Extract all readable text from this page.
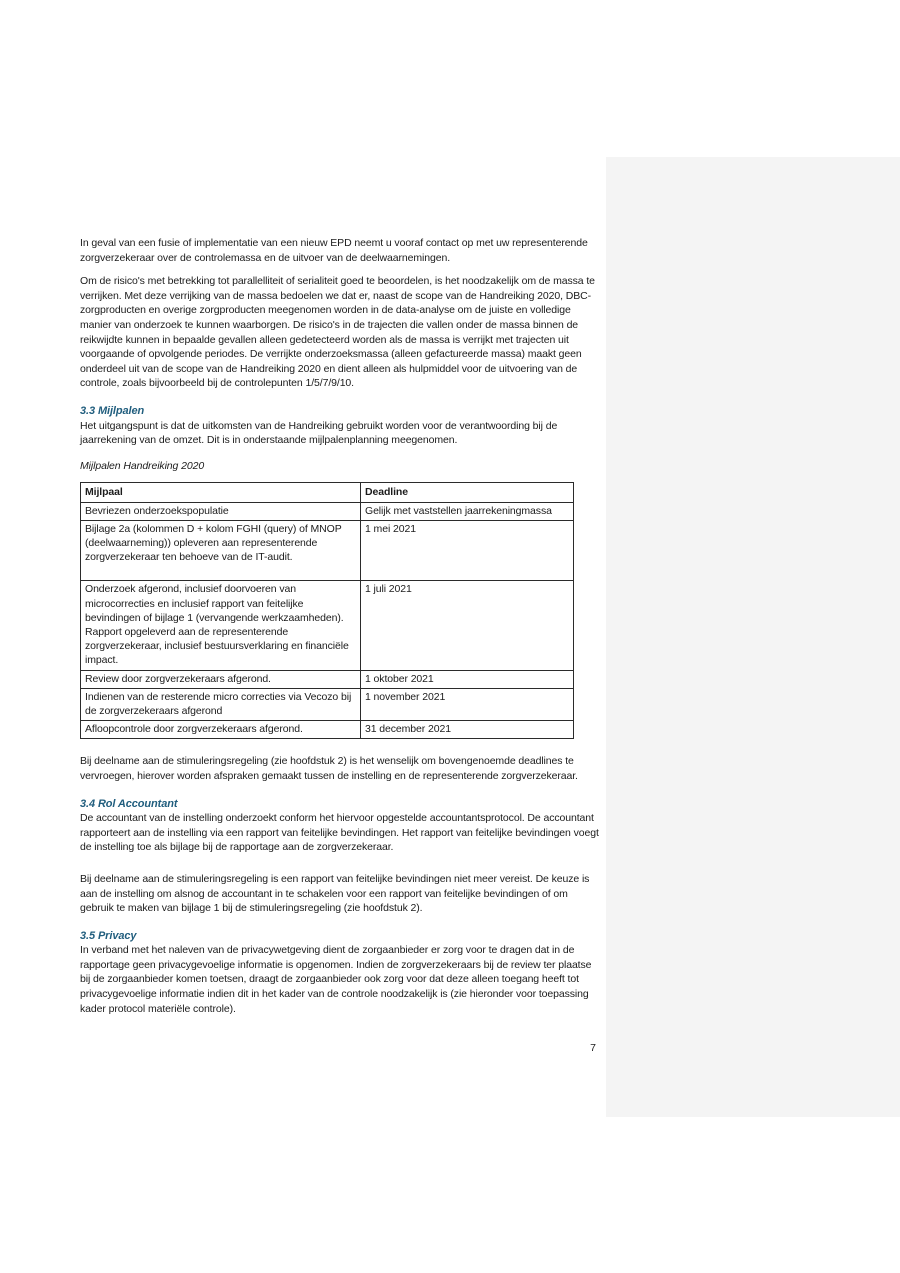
In geval van een fusie of implementatie van een nieuw EPD neemt u vooraf contact op met uw representerende zorgverzekeraar over de controlemassa en de uitvoer van de deelwaarnemingen.

Om de risico's met betrekking tot parallelliteit of serialiteit goed te beoordelen, is het noodzakelijk om de massa te verrijken. Met deze verrijking van de massa bedoelen we dat er, naast de scope van de Handreiking 2020, DBC-zorgproducten en overige zorgproducten meegenomen worden in de data-analyse om de juiste en volledige manier van onderzoek te kunnen waarborgen. De risico's in de trajecten die vallen onder de massa binnen de reikwijdte kunnen in bepaalde gevallen alleen gedetecteerd worden als de massa is verrijkt met trajecten uit voorgaande of opvolgende periodes. De verrijkte onderzoeksmassa (alleen gefactureerde massa) maakt geen onderdeel uit van de scope van de Handreiking 2020 en dient alleen als hulpmiddel voor de uitvoering van de controle, zoals bijvoorbeeld bij de controlepunten 1/5/7/9/10.

3.3 Mijlpalen

Het uitgangspunt is dat de uitkomsten van de Handreiking gebruikt worden voor de verantwoording bij de jaarrekening van de omzet. Dit is in onderstaande mijlpalenplanning meegenomen.

Mijlpalen Handreiking 2020
Mijlpaal	Deadline
Bevriezen onderzoekspopulatie	Gelijk met vaststellen jaarrekeningmassa
Bijlage 2a (kolommen D + kolom FGHI (query) of MNOP (deelwaarneming)) opleveren aan representerende zorgverzekeraar ten behoeve van de IT-audit.	1 mei 2021
Onderzoek afgerond, inclusief doorvoeren van microcorrecties en inclusief rapport van feitelijke bevindingen of bijlage 1 (vervangende werkzaamheden). Rapport opgeleverd aan de representerende zorgverzekeraar, inclusief bestuursverklaring en financiële impact.	1 juli 2021
Review door zorgverzekeraars afgerond.	1 oktober 2021
Indienen van de resterende micro correcties via Vecozo bij de zorgverzekeraars afgerond	1 november 2021
Afloopcontrole door zorgverzekeraars afgerond.	31 december 2021

Bij deelname aan de stimuleringsregeling (zie hoofdstuk 2) is het wenselijk om bovengenoemde deadlines te vervroegen, hierover worden afspraken gemaakt tussen de instelling en de representerende zorgverzekeraar.

3.4 Rol Accountant

De accountant van de instelling onderzoekt conform het hiervoor opgestelde accountantsprotocol. De accountant rapporteert aan de instelling via een rapport van feitelijke bevindingen. Het rapport van feitelijke bevindingen voegt de instelling toe als bijlage bij de rapportage aan de zorgverzekeraar.

Bij deelname aan de stimuleringsregeling is een rapport van feitelijke bevindingen niet meer vereist. De keuze is aan de instelling om alsnog de accountant in te schakelen voor een rapport van feitelijke bevindingen of om gebruik te maken van bijlage 1 bij de stimuleringsregeling (zie hoofdstuk 2).

3.5 Privacy

In verband met het naleven van de privacywetgeving dient de zorgaanbieder er zorg voor te dragen dat in de rapportage geen privacygevoelige informatie is opgenomen. Indien de zorgverzekeraars bij de review ter plaatse bij de zorgaanbieder komen toetsen, draagt de zorgaanbieder ook zorg voor dat deze alleen toegang heeft tot privacygevoelige informatie indien dit in het kader van de controle noodzakelijk is (zie hieronder voor toepassing kader protocol materiële controle).

7
